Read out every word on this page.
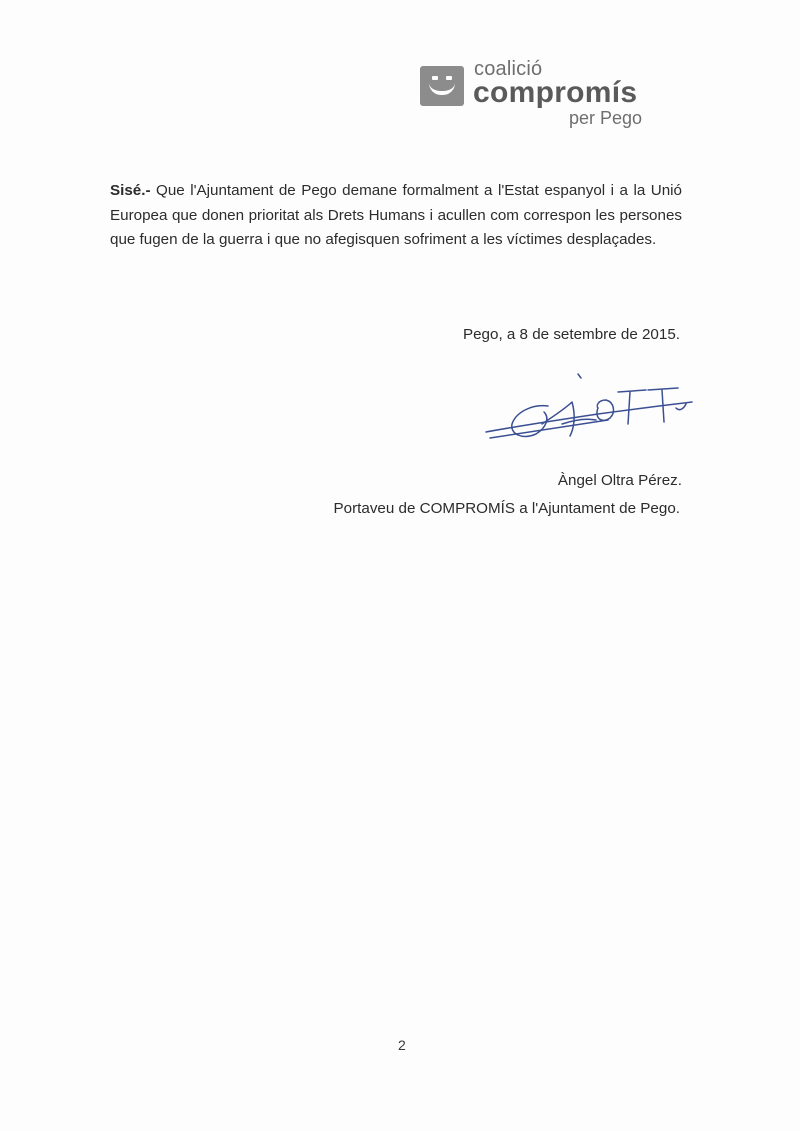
coalició
compromís
per Pego

Sisé.- Que l'Ajuntament de Pego demane formalment a l'Estat espanyol i a la Unió Europea que donen prioritat als Drets Humans i acullen com correspon les persones que fugen de la guerra i que no afegisquen sofriment a les víctimes desplaçades.

Pego, a 8 de setembre de 2015.
Àngel Oltra Pérez.
Portaveu de COMPROMÍS a l'Ajuntament de Pego.
2
